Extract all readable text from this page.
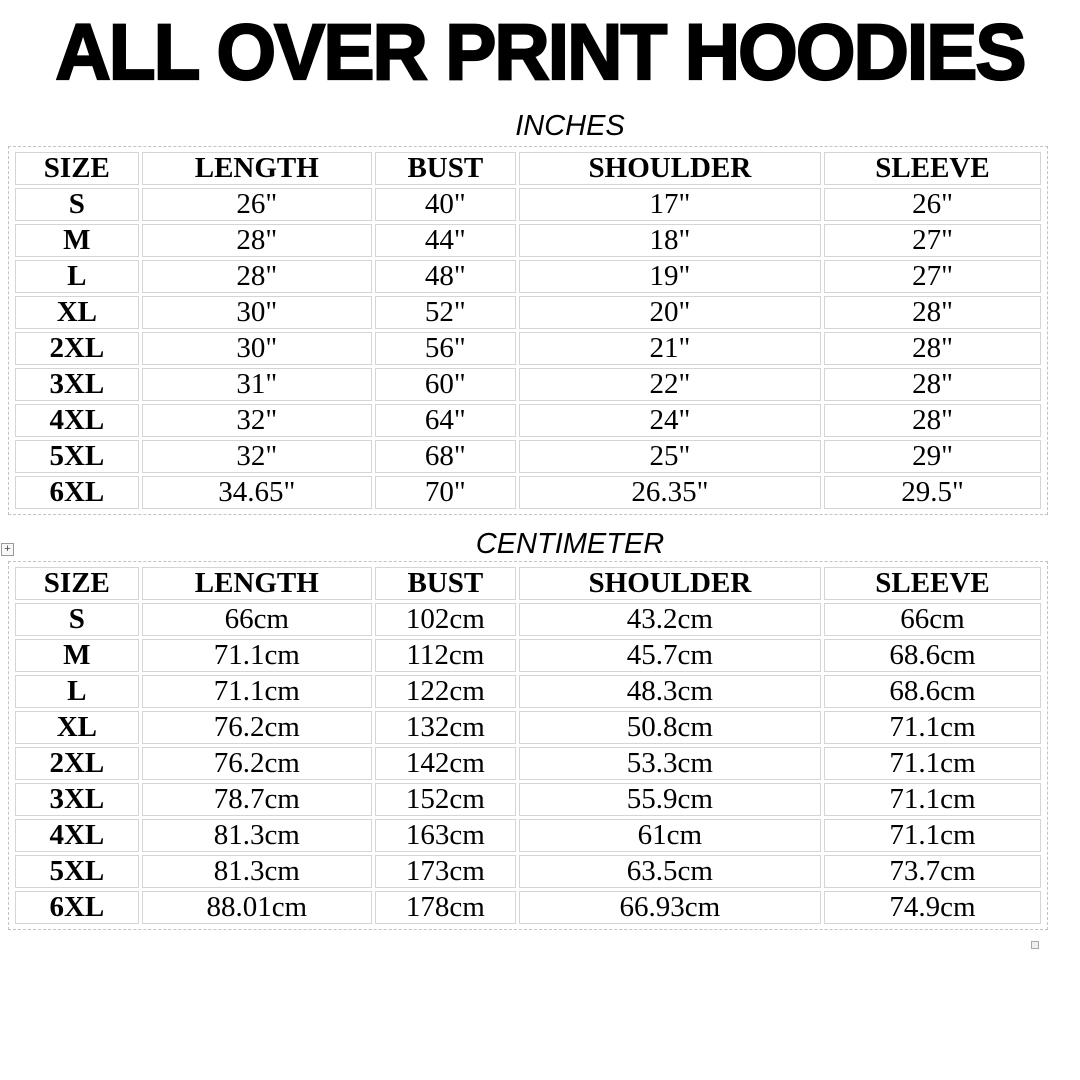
ALL OVER PRINT HOODIES
INCHES
SIZE	LENGTH	BUST	SHOULDER	SLEEVE
S	26"	40"	17"	26"
M	28"	44"	18"	27"
L	28"	48"	19"	27"
XL	30"	52"	20"	28"
2XL	30"	56"	21"	28"
3XL	31"	60"	22"	28"
4XL	32"	64"	24"	28"
5XL	32"	68"	25"	29"
6XL	34.65"	70"	26.35"	29.5"
+	CENTIMETER
SIZE	LENGTH	BUST	SHOULDER	SLEEVE
S	66cm	102cm	43.2cm	66cm
M	71.1cm	112cm	45.7cm	68.6cm
L	71.1cm	122cm	48.3cm	68.6cm
XL	76.2cm	132cm	50.8cm	71.1cm
2XL	76.2cm	142cm	53.3cm	71.1cm
3XL	78.7cm	152cm	55.9cm	71.1cm
4XL	81.3cm	163cm	61cm	71.1cm
5XL	81.3cm	173cm	63.5cm	73.7cm
6XL	88.01cm	178cm	66.93cm	74.9cm
